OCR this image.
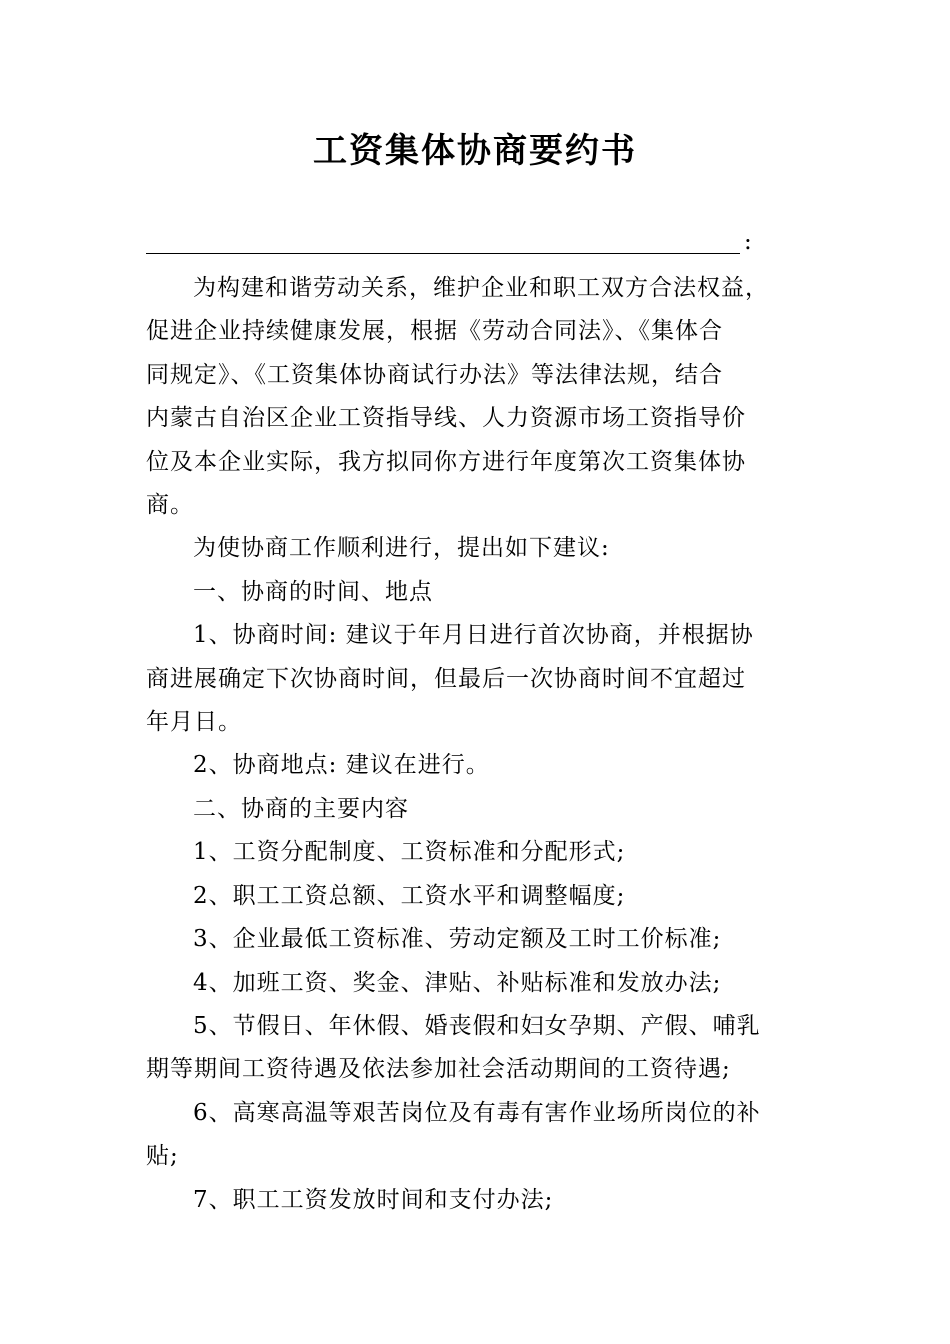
工资集体协商要约书
:
为构建和谐劳动关系，维护企业和职工双方合法权益，
促进企业持续健康发展，根据《劳动合同法》、《集体合
同规定》、《工资集体协商试行办法》等法律法规，结合
内蒙古自治区企业工资指导线、人力资源市场工资指导价
位及本企业实际，我方拟同你方进行年度第次工资集体协
商。
为使协商工作顺利进行，提出如下建议:
一、协商的时间、地点
1、协商时间: 建议于年月日进行首次协商，并根据协
商进展确定下次协商时间，但最后一次协商时间不宜超过
年月日。
2、协商地点: 建议在进行。
二、协商的主要内容
1、工资分配制度、工资标准和分配形式;
2、职工工资总额、工资水平和调整幅度;
3、企业最低工资标准、劳动定额及工时工价标准;
4、加班工资、奖金、津贴、补贴标准和发放办法;
5、节假日、年休假、婚丧假和妇女孕期、产假、哺乳
期等期间工资待遇及依法参加社会活动期间的工资待遇;
6、高寒高温等艰苦岗位及有毒有害作业场所岗位的补
贴;
7、职工工资发放时间和支付办法;
